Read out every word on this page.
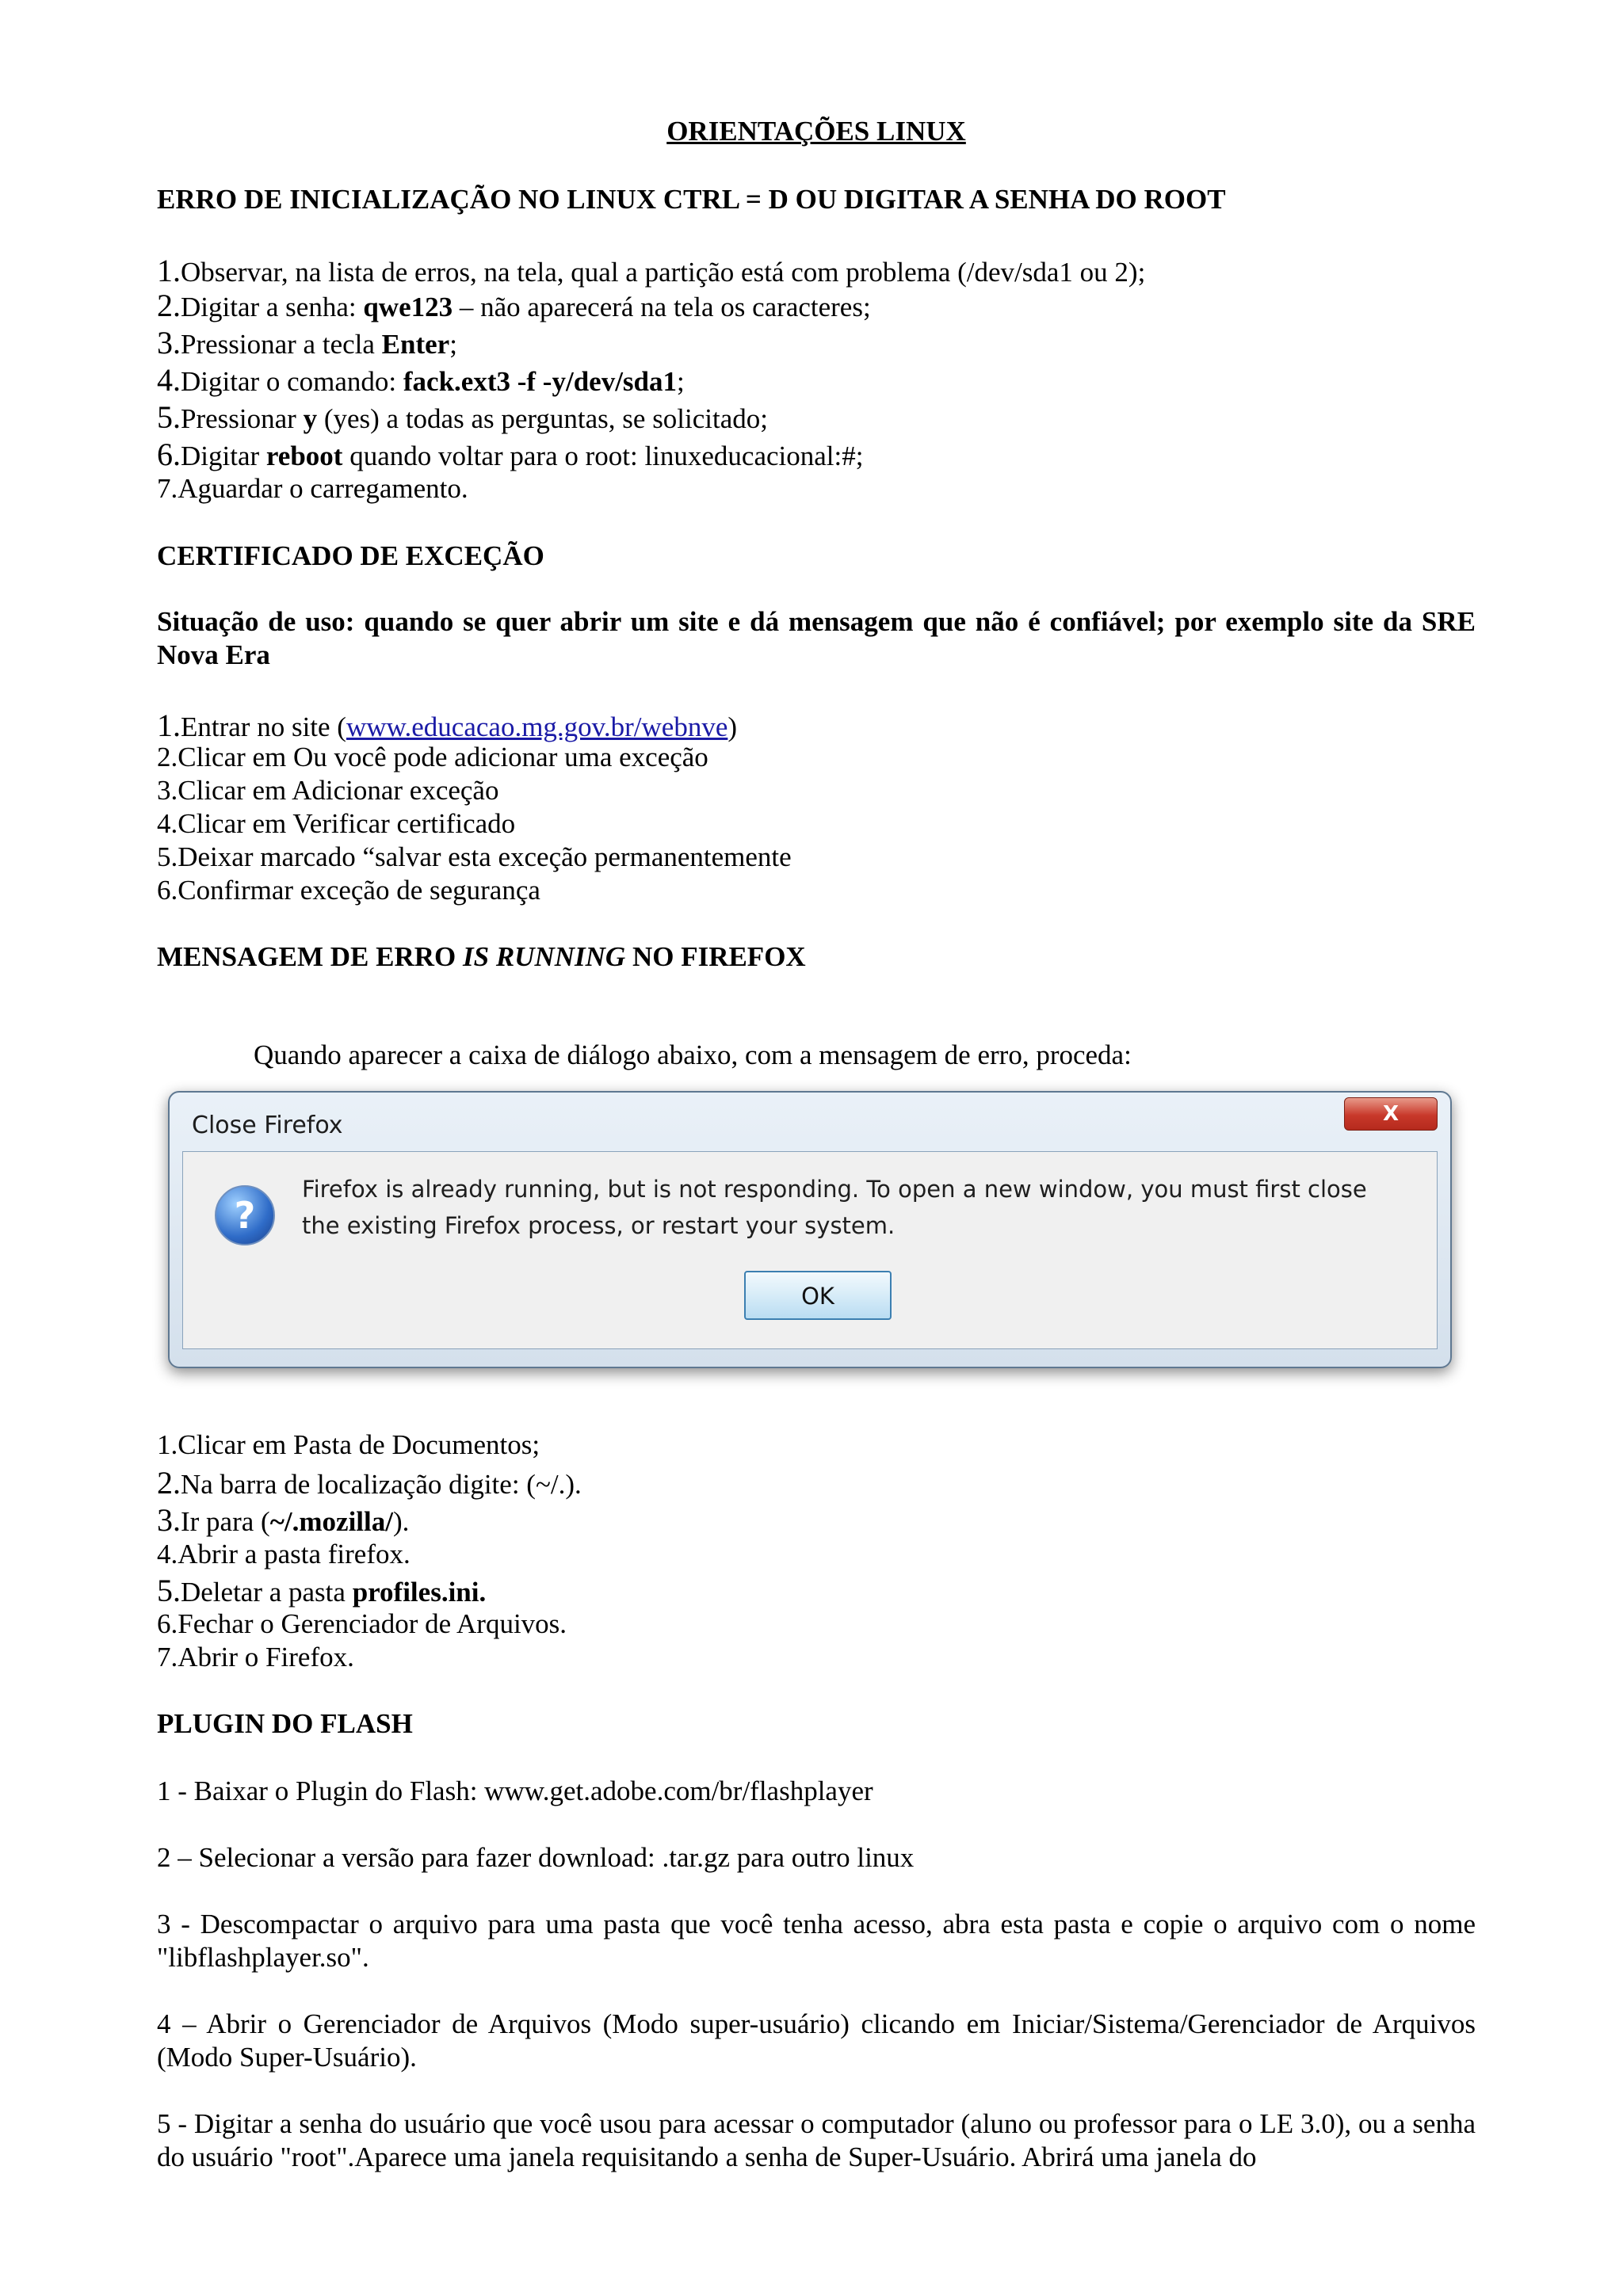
ORIENTAÇÕES LINUX
ERRO DE INICIALIZAÇÃO NO LINUX CTRL = D OU DIGITAR A SENHA DO ROOT
1.Observar, na lista de erros, na tela, qual a partição está com problema (/dev/sda1 ou 2);
2.Digitar a senha: qwe123 – não aparecerá na tela os caracteres;
3.Pressionar a tecla Enter;
4.Digitar o comando: fack.ext3 -f -y/dev/sda1;
5.Pressionar y (yes) a todas as perguntas, se solicitado;
6.Digitar reboot quando voltar para o root: linuxeducacional:#;
7.Aguardar o carregamento.
CERTIFICADO DE EXCEÇÃO
Situação de uso: quando se quer abrir um site e dá mensagem que não é confiável; por exemplo site da SRE Nova Era
1.Entrar no site (www.educacao.mg.gov.br/webnve)
2.Clicar em Ou você pode adicionar uma exceção
3.Clicar em Adicionar exceção
4.Clicar em Verificar certificado
5.Deixar marcado “salvar esta exceção permanentemente
6.Confirmar exceção de segurança
MENSAGEM DE ERRO IS RUNNING NO FIREFOX
Quando aparecer a caixa de diálogo abaixo, com a mensagem de erro, proceda:
Close Firefox	X
?
Firefox is already running, but is not responding. To open a new window, you must first close the existing Firefox process, or restart your system.
OK
1.Clicar em Pasta de Documentos;
2.Na barra de localização digite: (~/.).
3.Ir para (~/.mozilla/).
4.Abrir a pasta firefox.
5.Deletar a pasta profiles.ini.
6.Fechar o Gerenciador de Arquivos.
7.Abrir o Firefox.
PLUGIN DO FLASH
1 - Baixar o Plugin do Flash: www.get.adobe.com/br/flashplayer
2 – Selecionar a versão para fazer download: .tar.gz para outro linux
3 - Descompactar o arquivo para uma pasta que você tenha acesso, abra esta pasta e copie o arquivo com o nome "libflashplayer.so".
4 – Abrir o Gerenciador de Arquivos (Modo super-usuário) clicando em Iniciar/Sistema/Gerenciador de Arquivos (Modo Super-Usuário).
5 - Digitar a senha do usuário que você usou para acessar o computador (aluno ou professor para o LE 3.0), ou a senha do usuário "root".Aparece uma janela requisitando a senha de Super-Usuário. Abrirá uma janela do
